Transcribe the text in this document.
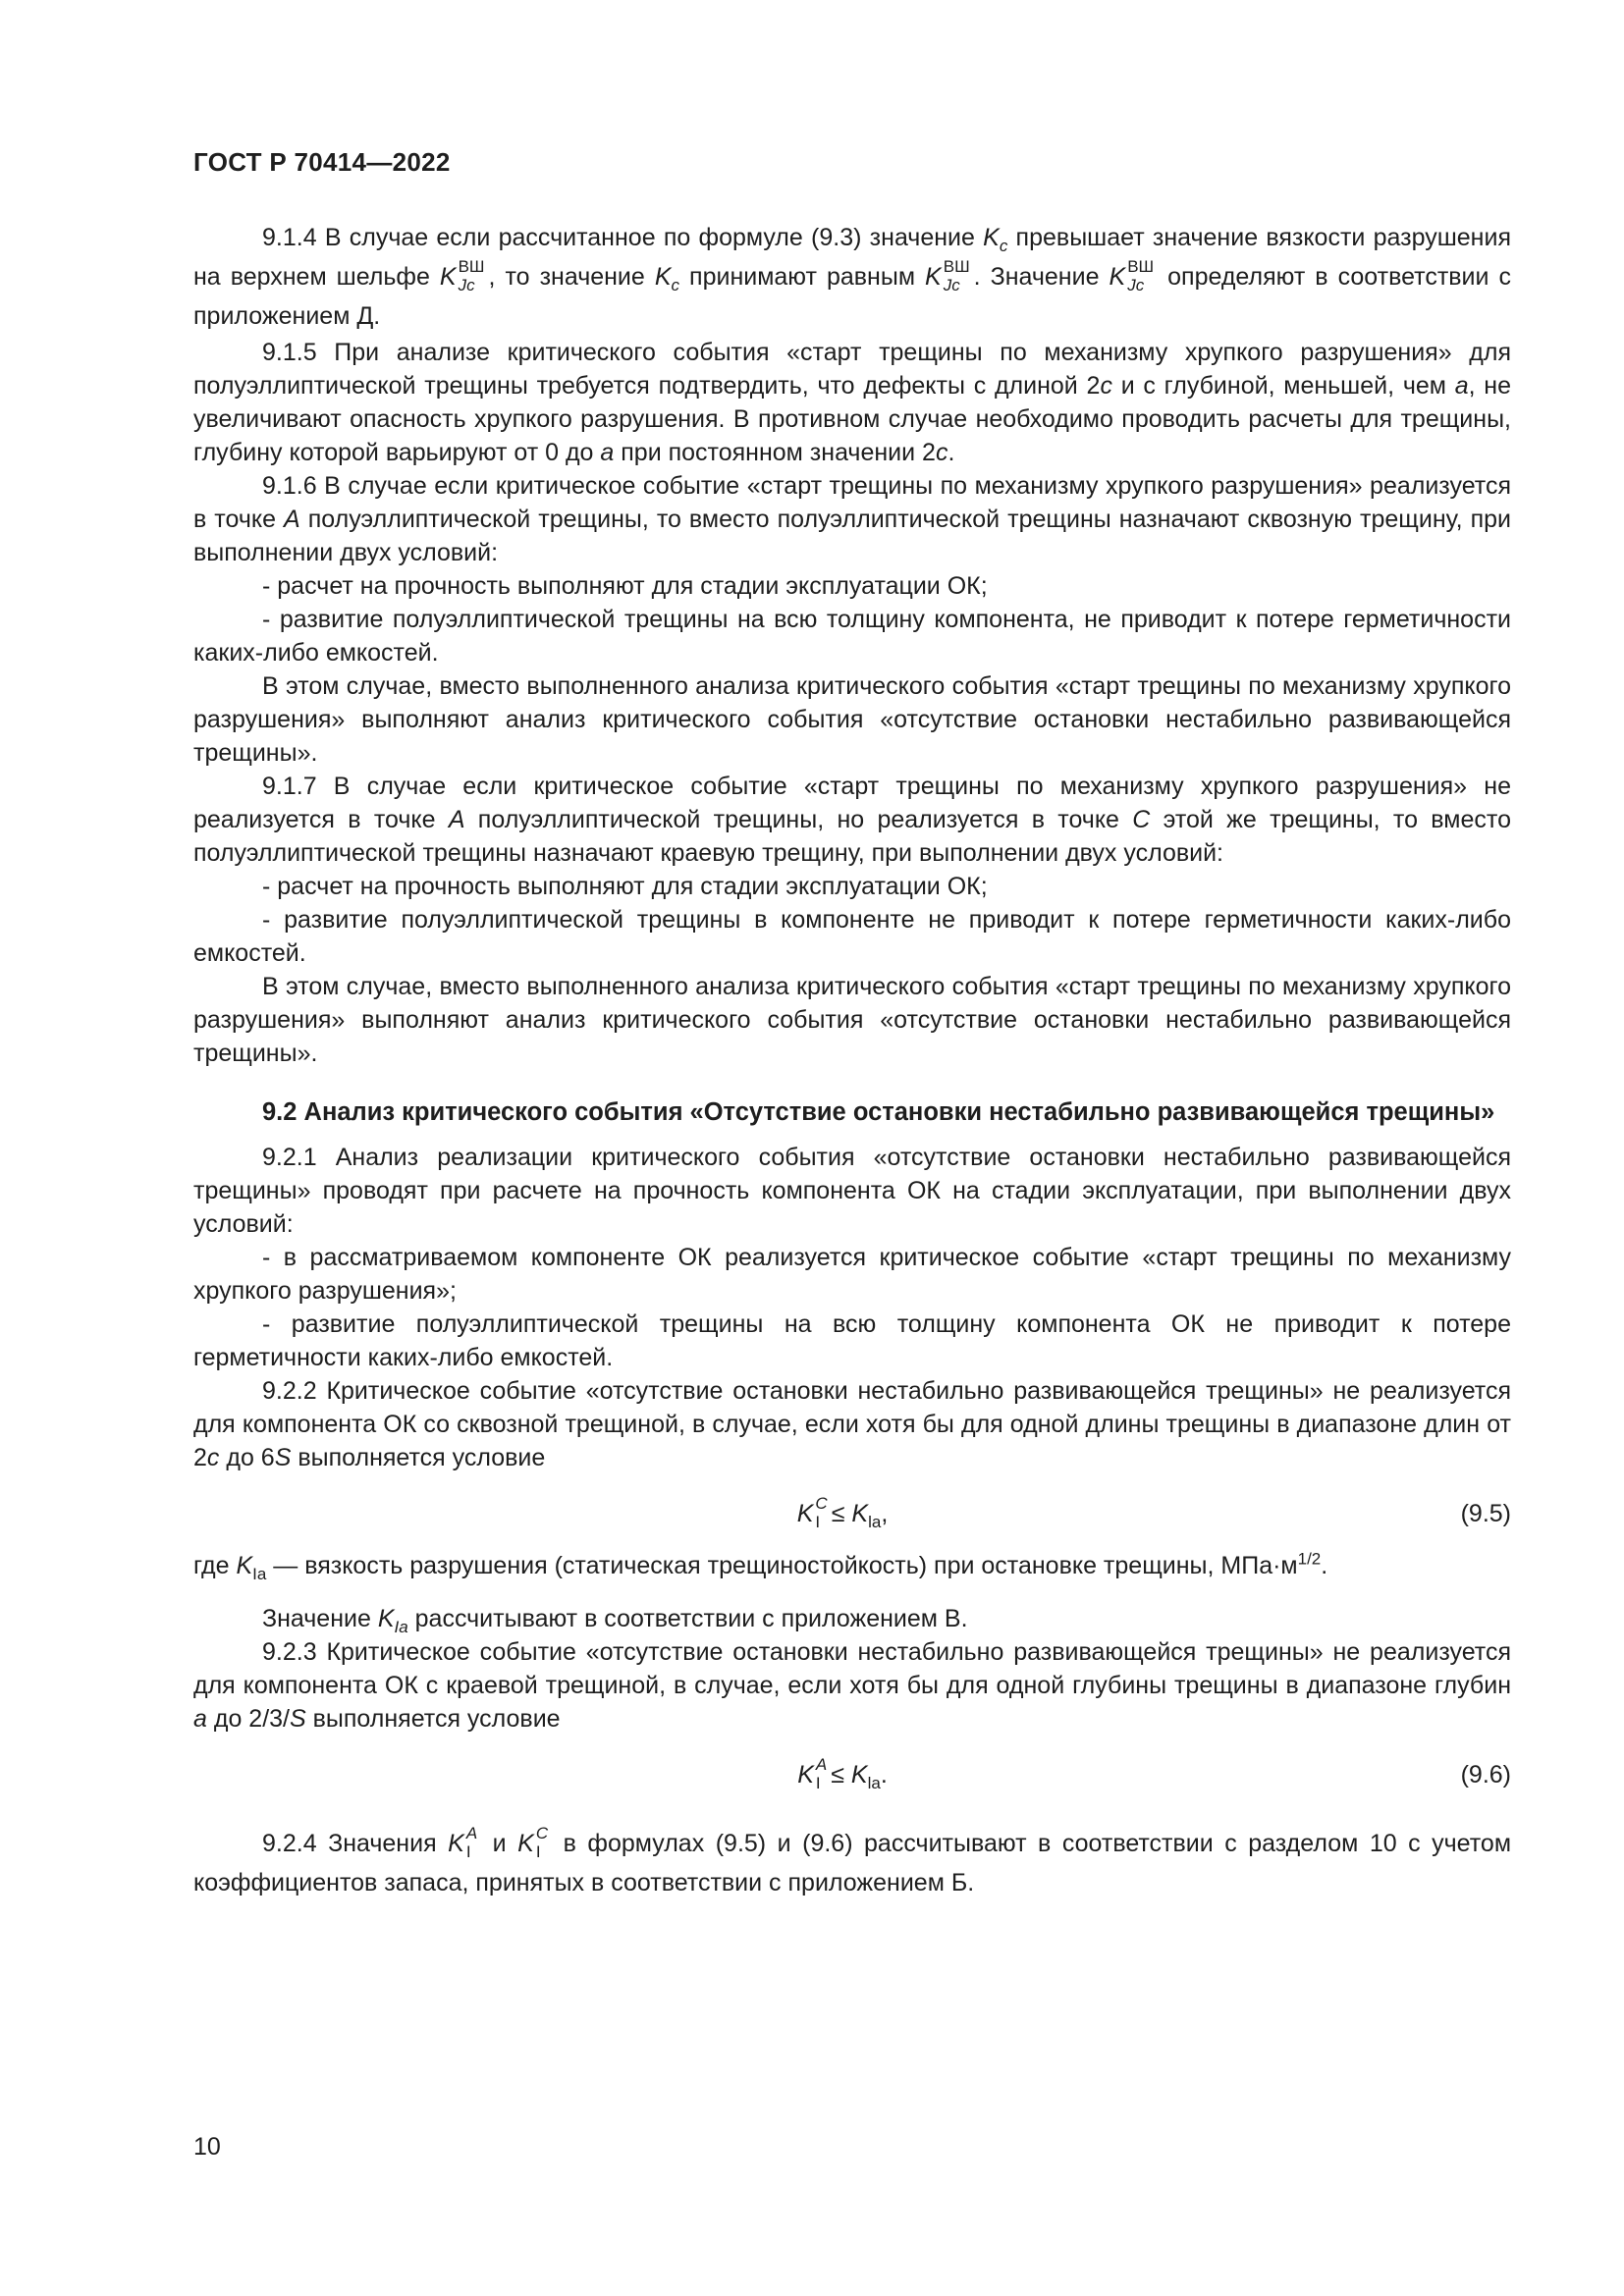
ГОСТ Р 70414—2022

9.1.4 В случае если рассчитанное по формуле (9.3) значение $K_c$ превышает значение вязкости разрушения на верхнем шельфе K ВШ
Jc , то значение $K_c$ принимают равным K ВШ
Jc . Значение K ВШ
Jc определяют в соответствии с приложением Д.

9.1.5 При анализе критического события «старт трещины по механизму хрупкого разрушения» для полуэллиптической трещины требуется подтвердить, что дефекты с длиной 2c и с глубиной, меньшей, чем a, не увеличивают опасность хрупкого разрушения. В противном случае необходимо проводить расчеты для трещины, глубину которой варьируют от 0 до a при постоянном значении 2c.

9.1.6 В случае если критическое событие «старт трещины по механизму хрупкого разрушения» реализуется в точке A полуэллиптической трещины, то вместо полуэллиптической трещины назначают сквозную трещину, при выполнении двух условий:

- расчет на прочность выполняют для стадии эксплуатации ОК;

- развитие полуэллиптической трещины на всю толщину компонента, не приводит к потере герметичности каких-либо емкостей.

В этом случае, вместо выполненного анализа критического события «старт трещины по механизму хрупкого разрушения» выполняют анализ критического события «отсутствие остановки нестабильно развивающейся трещины».

9.1.7 В случае если критическое событие «старт трещины по механизму хрупкого разрушения» не реализуется в точке A полуэллиптической трещины, но реализуется в точке C этой же трещины, то вместо полуэллиптической трещины назначают краевую трещину, при выполнении двух условий:

- расчет на прочность выполняют для стадии эксплуатации ОК;

- развитие полуэллиптической трещины в компоненте не приводит к потере герметичности каких-либо емкостей.

В этом случае, вместо выполненного анализа критического события «старт трещины по механизму хрупкого разрушения» выполняют анализ критического события «отсутствие остановки нестабильно развивающейся трещины».

9.2 Анализ критического события «Отсутствие остановки нестабильно развивающейся трещины»

9.2.1 Анализ реализации критического события «отсутствие остановки нестабильно развивающейся трещины» проводят при расчете на прочность компонента ОК на стадии эксплуатации, при выполнении двух условий:

- в рассматриваемом компоненте ОК реализуется критическое событие «старт трещины по механизму хрупкого разрушения»;

- развитие полуэллиптической трещины на всю толщину компонента ОК не приводит к потере герметичности каких-либо емкостей.

9.2.2 Критическое событие «отсутствие остановки нестабильно развивающейся трещины» не реализуется для компонента ОК со сквозной трещиной, в случае, если хотя бы для одной длины трещины в диапазоне длин от 2c до 6S выполняется условие

K C
$I \le K_{la}$,	(9.5)

где $K_{Ia}$ — вязкость разрушения (статическая трещиностойкость) при остановке трещины, $МПа\cdot м^{1/2}$.

Значение $K_{Ia}$ рассчитывают в соответствии с приложением В.

9.2.3 Критическое событие «отсутствие остановки нестабильно развивающейся трещины» не реализуется для компонента ОК с краевой трещиной, в случае, если хотя бы для одной глубины трещины в диапазоне глубин a до 2/3/S выполняется условие

K A
$I \le K_{la}$.	(9.6)

9.2.4 Значения K A
I и K C
I в формулах (9.5) и (9.6) рассчитывают в соответствии с разделом 10 с учетом коэффициентов запаса, принятых в соответствии с приложением Б.

10
